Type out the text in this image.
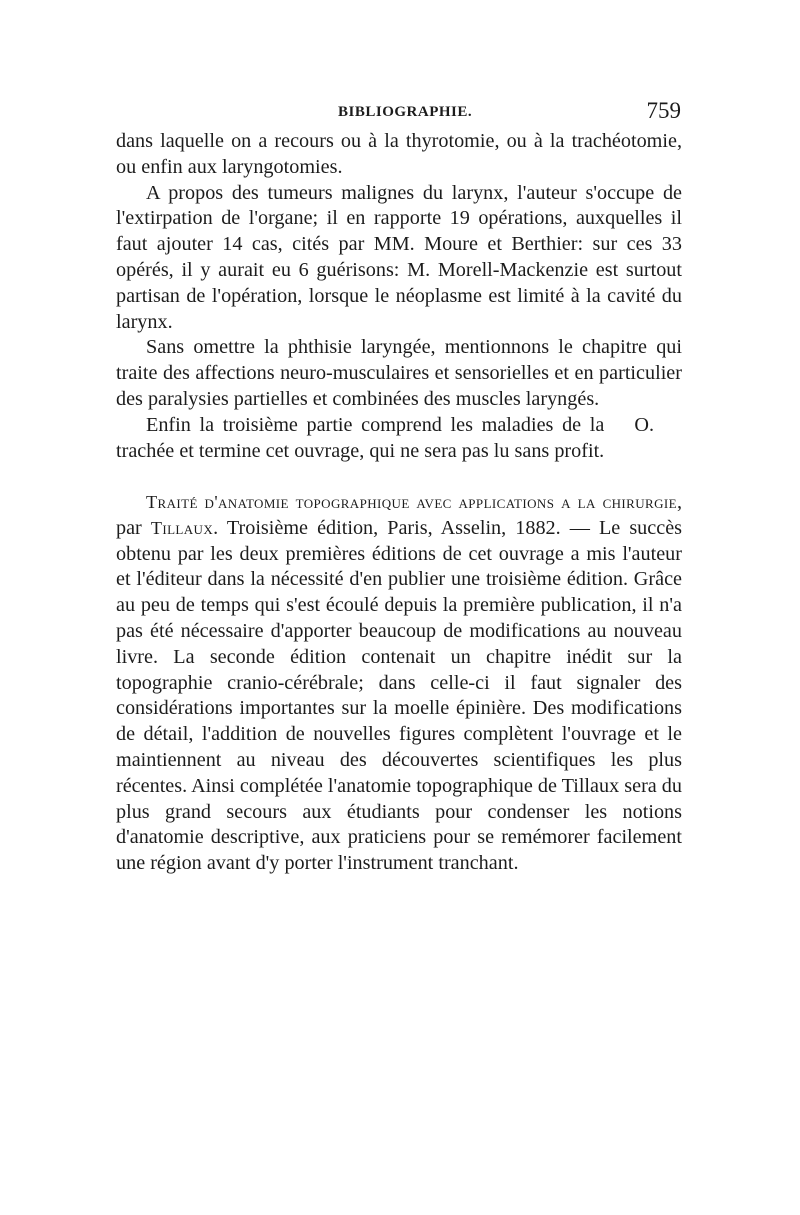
BIBLIOGRAPHIE.	759

dans laquelle on a recours ou à la thyrotomie, ou à la trachéotomie, ou enfin aux laryngotomies.

A propos des tumeurs malignes du larynx, l'auteur s'occupe de l'extirpation de l'organe; il en rapporte 19 opérations, auxquelles il faut ajouter 14 cas, cités par MM. Moure et Berthier: sur ces 33 opérés, il y aurait eu 6 guérisons: M. Morell-Mackenzie est surtout partisan de l'opération, lorsque le néoplasme est limité à la cavité du larynx.

Sans omettre la phthisie laryngée, mentionnons le chapitre qui traite des affections neuro-musculaires et sensorielles et en particulier des paralysies partielles et combinées des muscles laryngés.

Enfin la troisième partie comprend les maladies de la trachée et termine cet ouvrage, qui ne sera pas lu sans profit.
O.

Traité d'anatomie topographique avec applications a la chirurgie, par Tillaux. Troisième édition, Paris, Asselin, 1882. — Le succès obtenu par les deux premières éditions de cet ouvrage a mis l'auteur et l'éditeur dans la nécessité d'en publier une troisième édition. Grâce au peu de temps qui s'est écoulé depuis la première publication, il n'a pas été nécessaire d'apporter beaucoup de modifications au nouveau livre. La seconde édition contenait un chapitre inédit sur la topographie cranio-cérébrale; dans celle-ci il faut signaler des considérations importantes sur la moelle épinière. Des modifications de détail, l'addition de nouvelles figures complètent l'ouvrage et le maintiennent au niveau des découvertes scientifiques les plus récentes. Ainsi complétée l'anatomie topographique de Tillaux sera du plus grand secours aux étudiants pour condenser les notions d'anatomie descriptive, aux praticiens pour se remémorer facilement une région avant d'y porter l'instrument tranchant.
